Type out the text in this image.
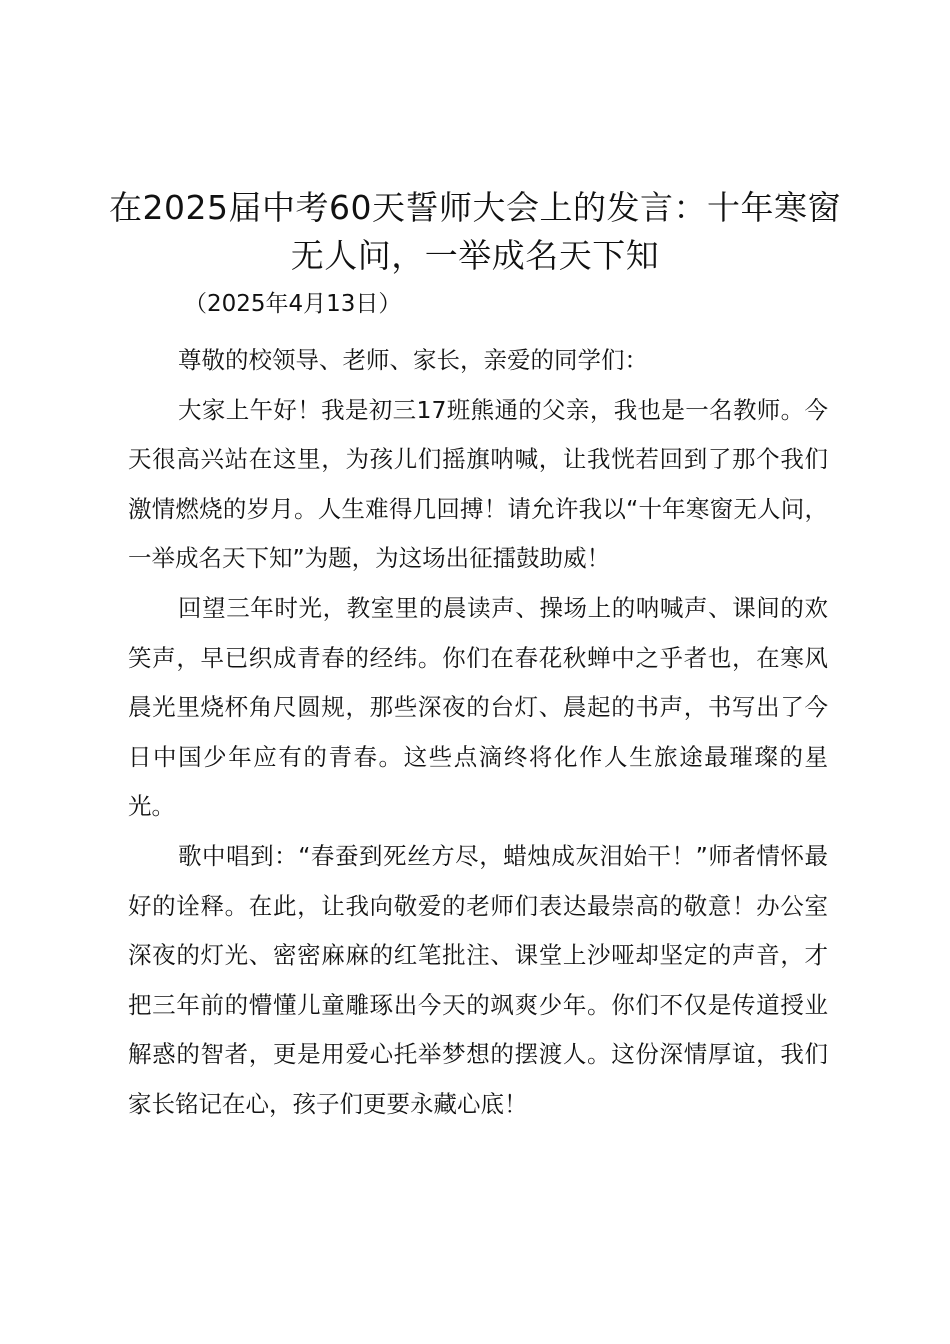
在2025届中考60天誓师大会上的发言：十年寒窗无人问，一举成名天下知

（2025年4月13日）

尊敬的校领导、老师、家长，亲爱的同学们：

大家上午好！我是初三17班熊通的父亲，我也是一名教师。今天很高兴站在这里，为孩儿们摇旗呐喊，让我恍若回到了那个我们激情燃烧的岁月。人生难得几回搏！请允许我以“十年寒窗无人问，一举成名天下知”为题，为这场出征擂鼓助威！

回望三年时光，教室里的晨读声、操场上的呐喊声、课间的欢笑声，早已织成青春的经纬。你们在春花秋蝉中之乎者也，在寒风晨光里烧杯角尺圆规，那些深夜的台灯、晨起的书声，书写出了今日中国少年应有的青春。这些点滴终将化作人生旅途最璀璨的星光。

歌中唱到：“春蚕到死丝方尽，蜡烛成灰泪始干！”师者情怀最好的诠释。在此，让我向敬爱的老师们表达最崇高的敬意！办公室深夜的灯光、密密麻麻的红笔批注、课堂上沙哑却坚定的声音，才把三年前的懵懂儿童雕琢出今天的飒爽少年。你们不仅是传道授业解惑的智者，更是用爱心托举梦想的摆渡人。这份深情厚谊，我们家长铭记在心，孩子们更要永藏心底！
